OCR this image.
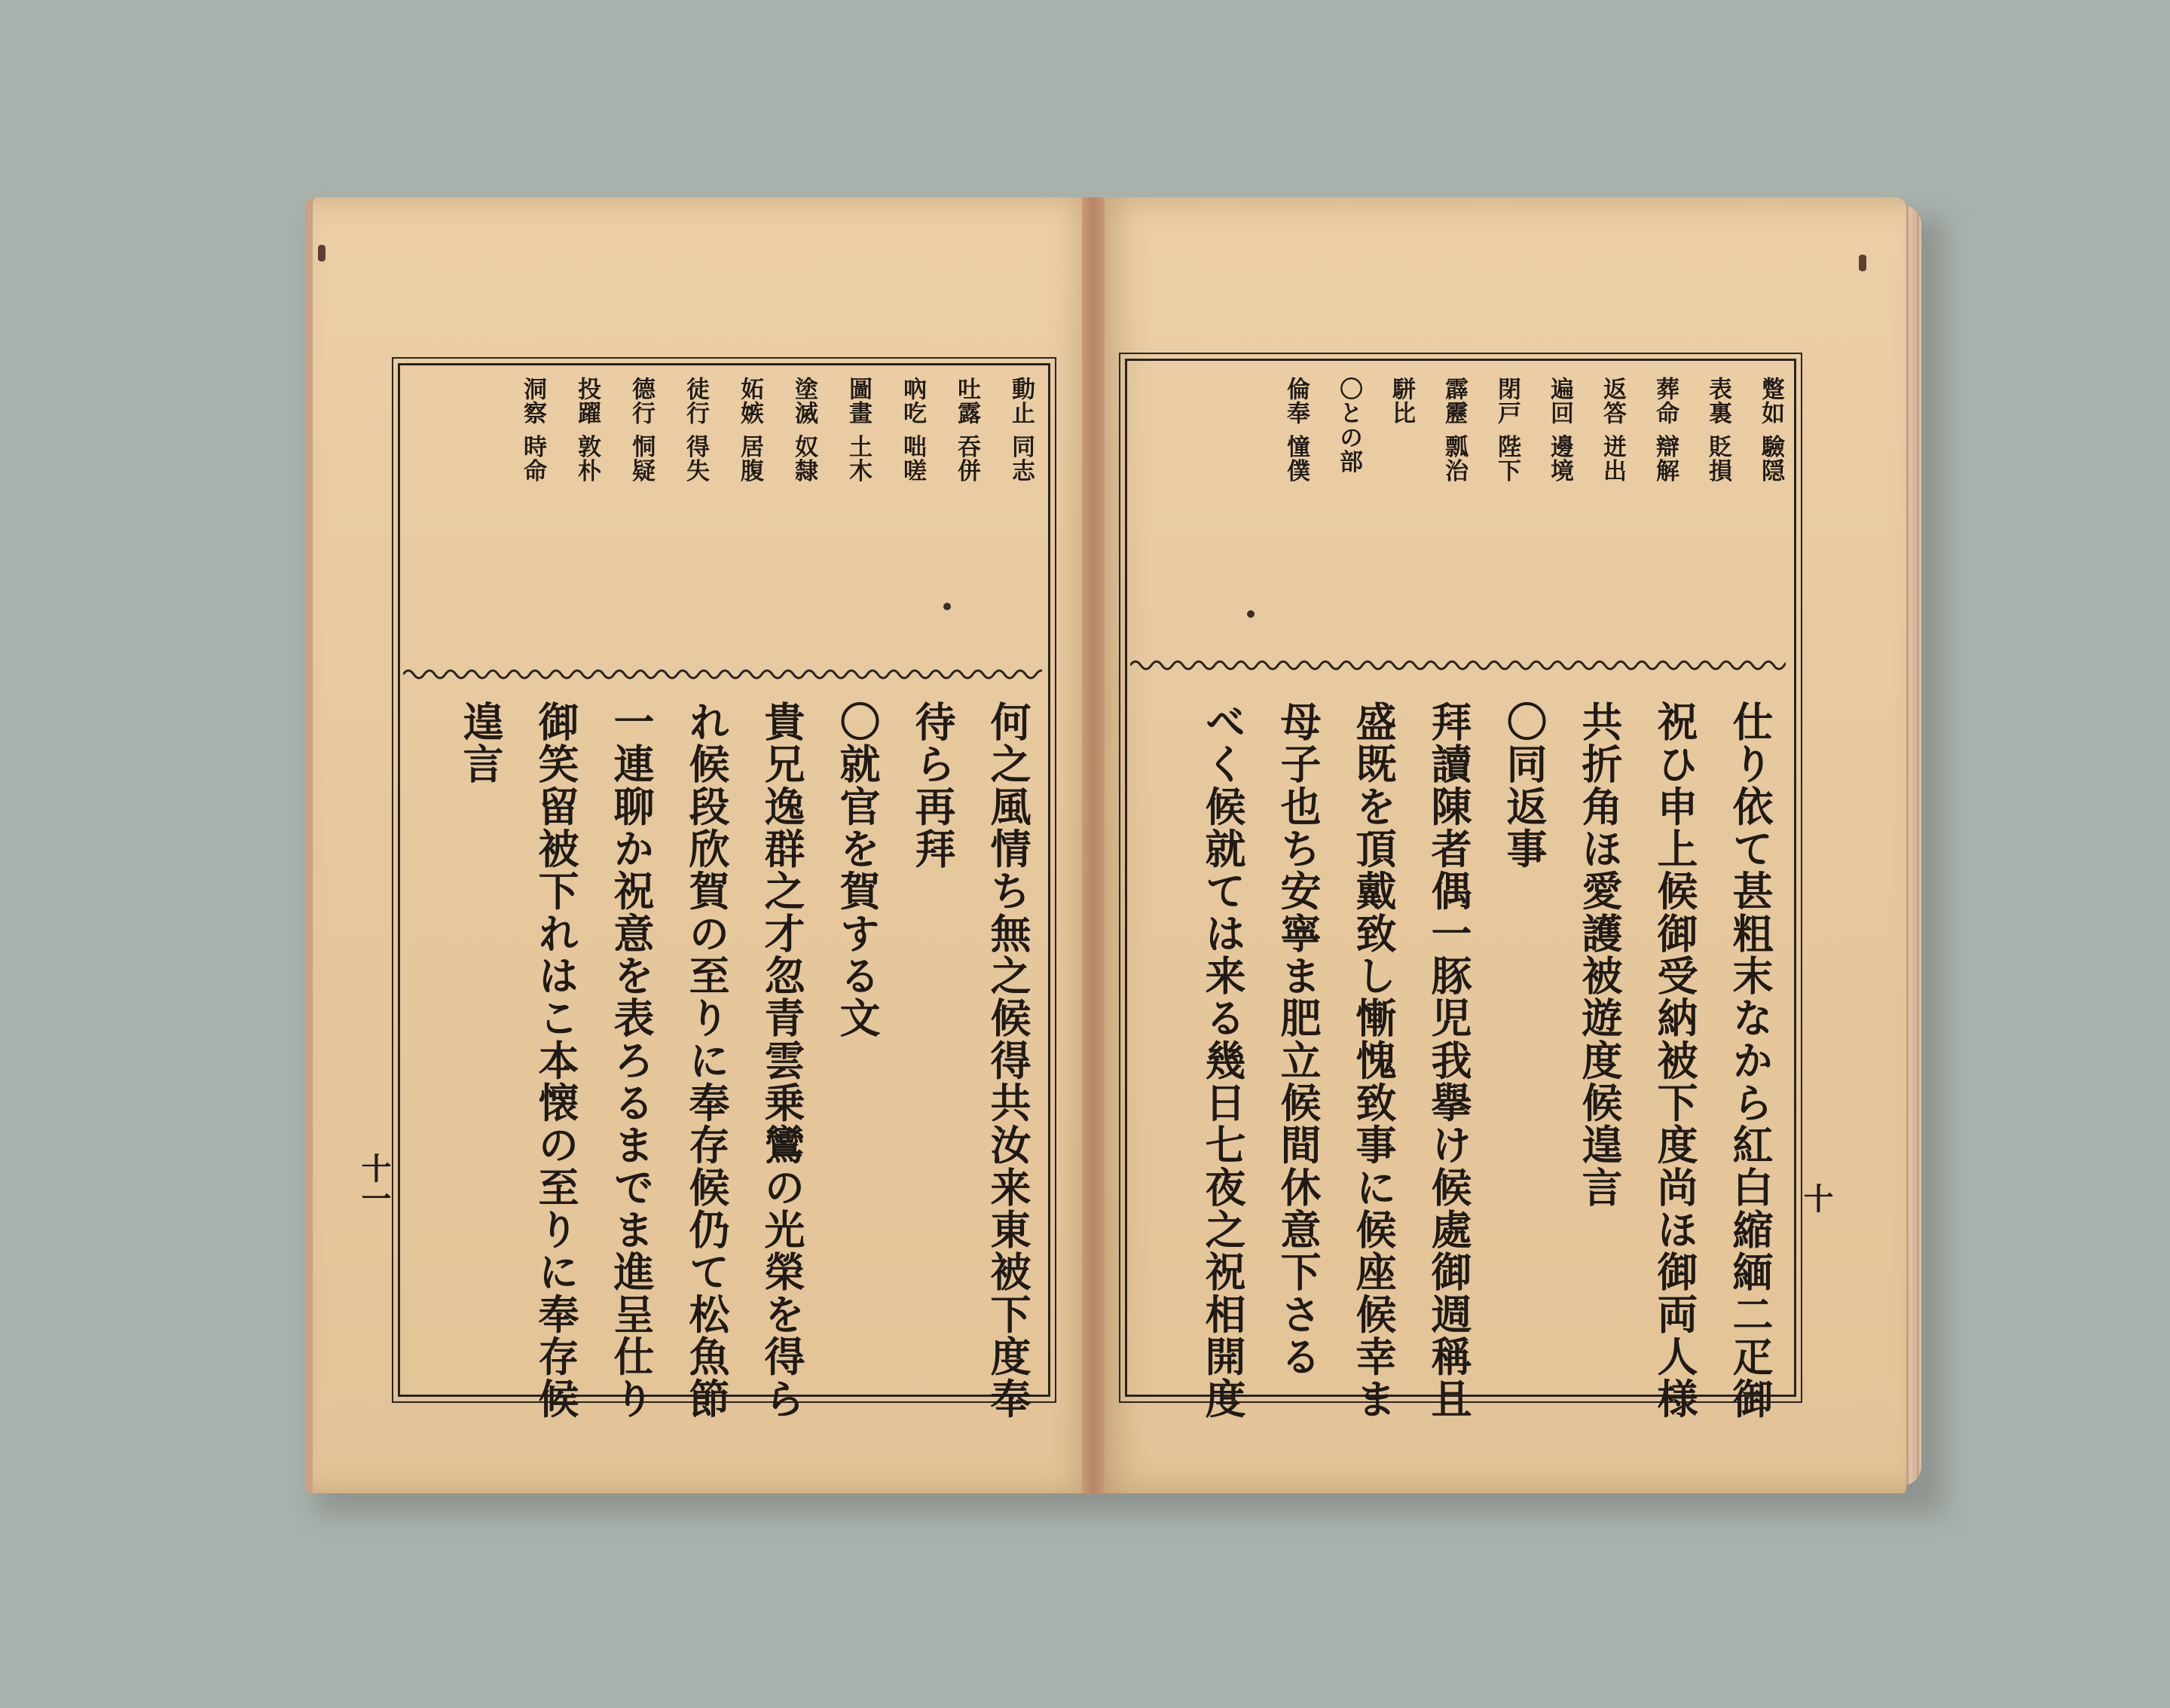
蹩如 驗隠
表裏 貶損
葬命 辯解
返答 迸出
遍回 邊境
閉戸 陛下
霹靂 瓢治
駢比
〇との部
倫奉 憧僕
仕り依て甚粗末なから紅白縮緬二疋御
祝ひ申上候御受納被下度尚ほ御両人様
共折角ほ愛護被遊度候遑言
〇同返事
拜讀陳者偶一豚児我擧け候處御週稱且
盛既を頂戴致し慚愧致事に候座候幸ま
母子也ち安寧ま肥立候間休意下さる
べく候就ては来る幾日七夜之祝相開度	十
動止 同志
吐露 吞併
吶吃 咄嗟
圖畫 土木
塗滅 奴隸
妬嫉 居腹
徒行 得失
德行 恫疑
投躍 敦朴
洞察 時命
何之風情ち無之候得共汝来東被下度奉
待ら再拜
〇就官を賀する文
貴兄逸群之才忽青雲乗鸞の光榮を得ら
れ候段欣賀の至りに奉存候仍て松魚節
一連聊か祝意を表ろるまでま進呈仕り
御笑留被下れはこ本懐の至りに奉存候
遑言
十一
